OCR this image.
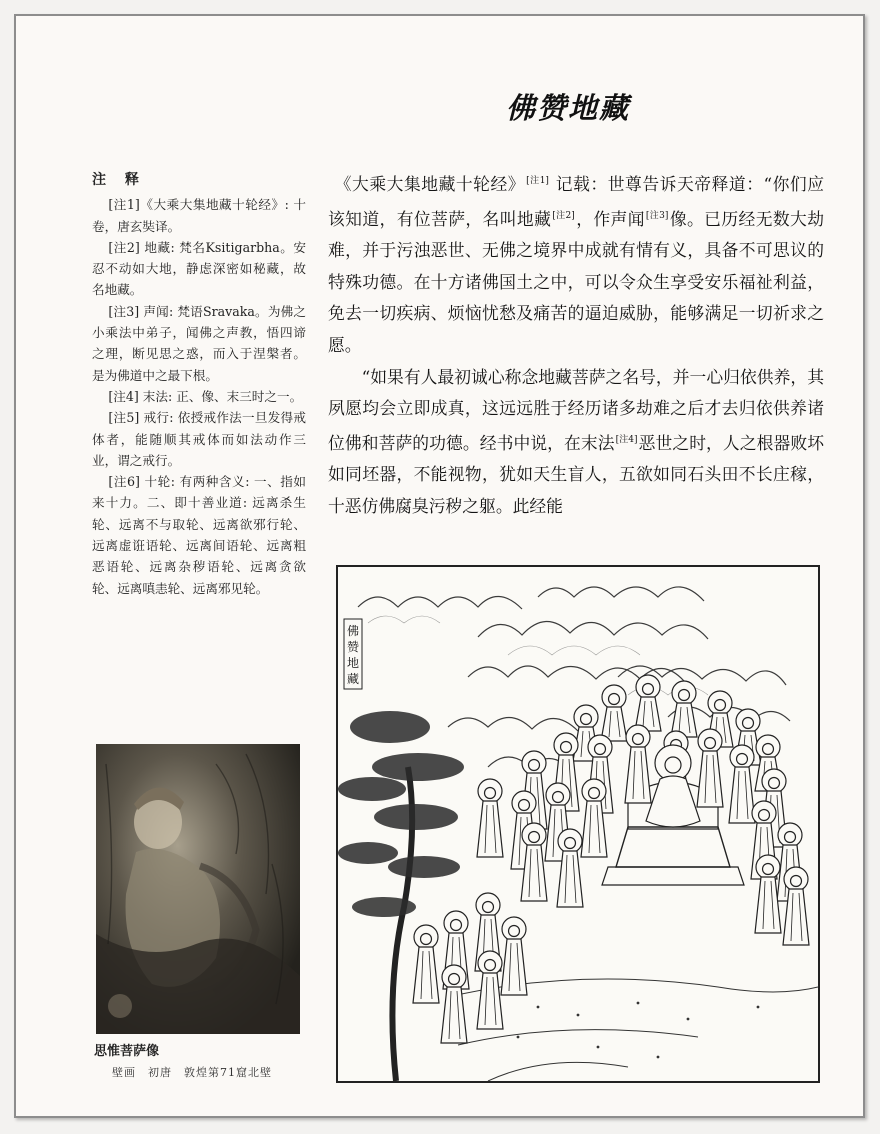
佛赞地藏
注 释

[注1]《大乘大集地藏十轮经》: 十卷，唐玄奘译。

[注2] 地藏: 梵名Ksitigarbha。安忍不动如大地，静虑深密如秘藏，故名地藏。

[注3] 声闻: 梵语Sravaka。为佛之小乘法中弟子，闻佛之声教，悟四谛之理，断见思之惑，而入于涅槃者。是为佛道中之最下根。

[注4] 末法: 正、像、末三时之一。

[注5] 戒行: 依授戒作法一旦发得戒体者，能随顺其戒体而如法动作三业，谓之戒行。

[注6] 十轮: 有两种含义: 一、指如来十力。二、即十善业道: 远离杀生轮、远离不与取轮、远离欲邪行轮、远离虚诳语轮、远离间语轮、远离粗恶语轮、远离杂秽语轮、远离贪欲轮、远离嗔恚轮、远离邪见轮。

《大乘大集地藏十轮经》[注1] 记载：世尊告诉天帝释道：“你们应该知道，有位菩萨，名叫地藏[注2]，作声闻[注3]像。已历经无数大劫难，并于污浊恶世、无佛之境界中成就有情有义，具备不可思议的特殊功德。在十方诸佛国土之中，可以令众生享受安乐福祉利益，免去一切疾病、烦恼忧愁及痛苦的逼迫威胁，能够满足一切祈求之愿。

“如果有人最初诚心称念地藏菩萨之名号，并一心归依供养，其夙愿均会立即成真，这远远胜于经历诸多劫难之后才去归依供养诸位佛和菩萨的功德。经书中说，在末法[注4]恶世之时，人之根器败坏如同坯器，不能视物，犹如天生盲人，五欲如同石头田不长庄稼，十恶仿佛腐臭污秽之躯。此经能

思惟菩萨像
壁画　初唐　敦煌第71窟北壁
佛
赞
地
藏
